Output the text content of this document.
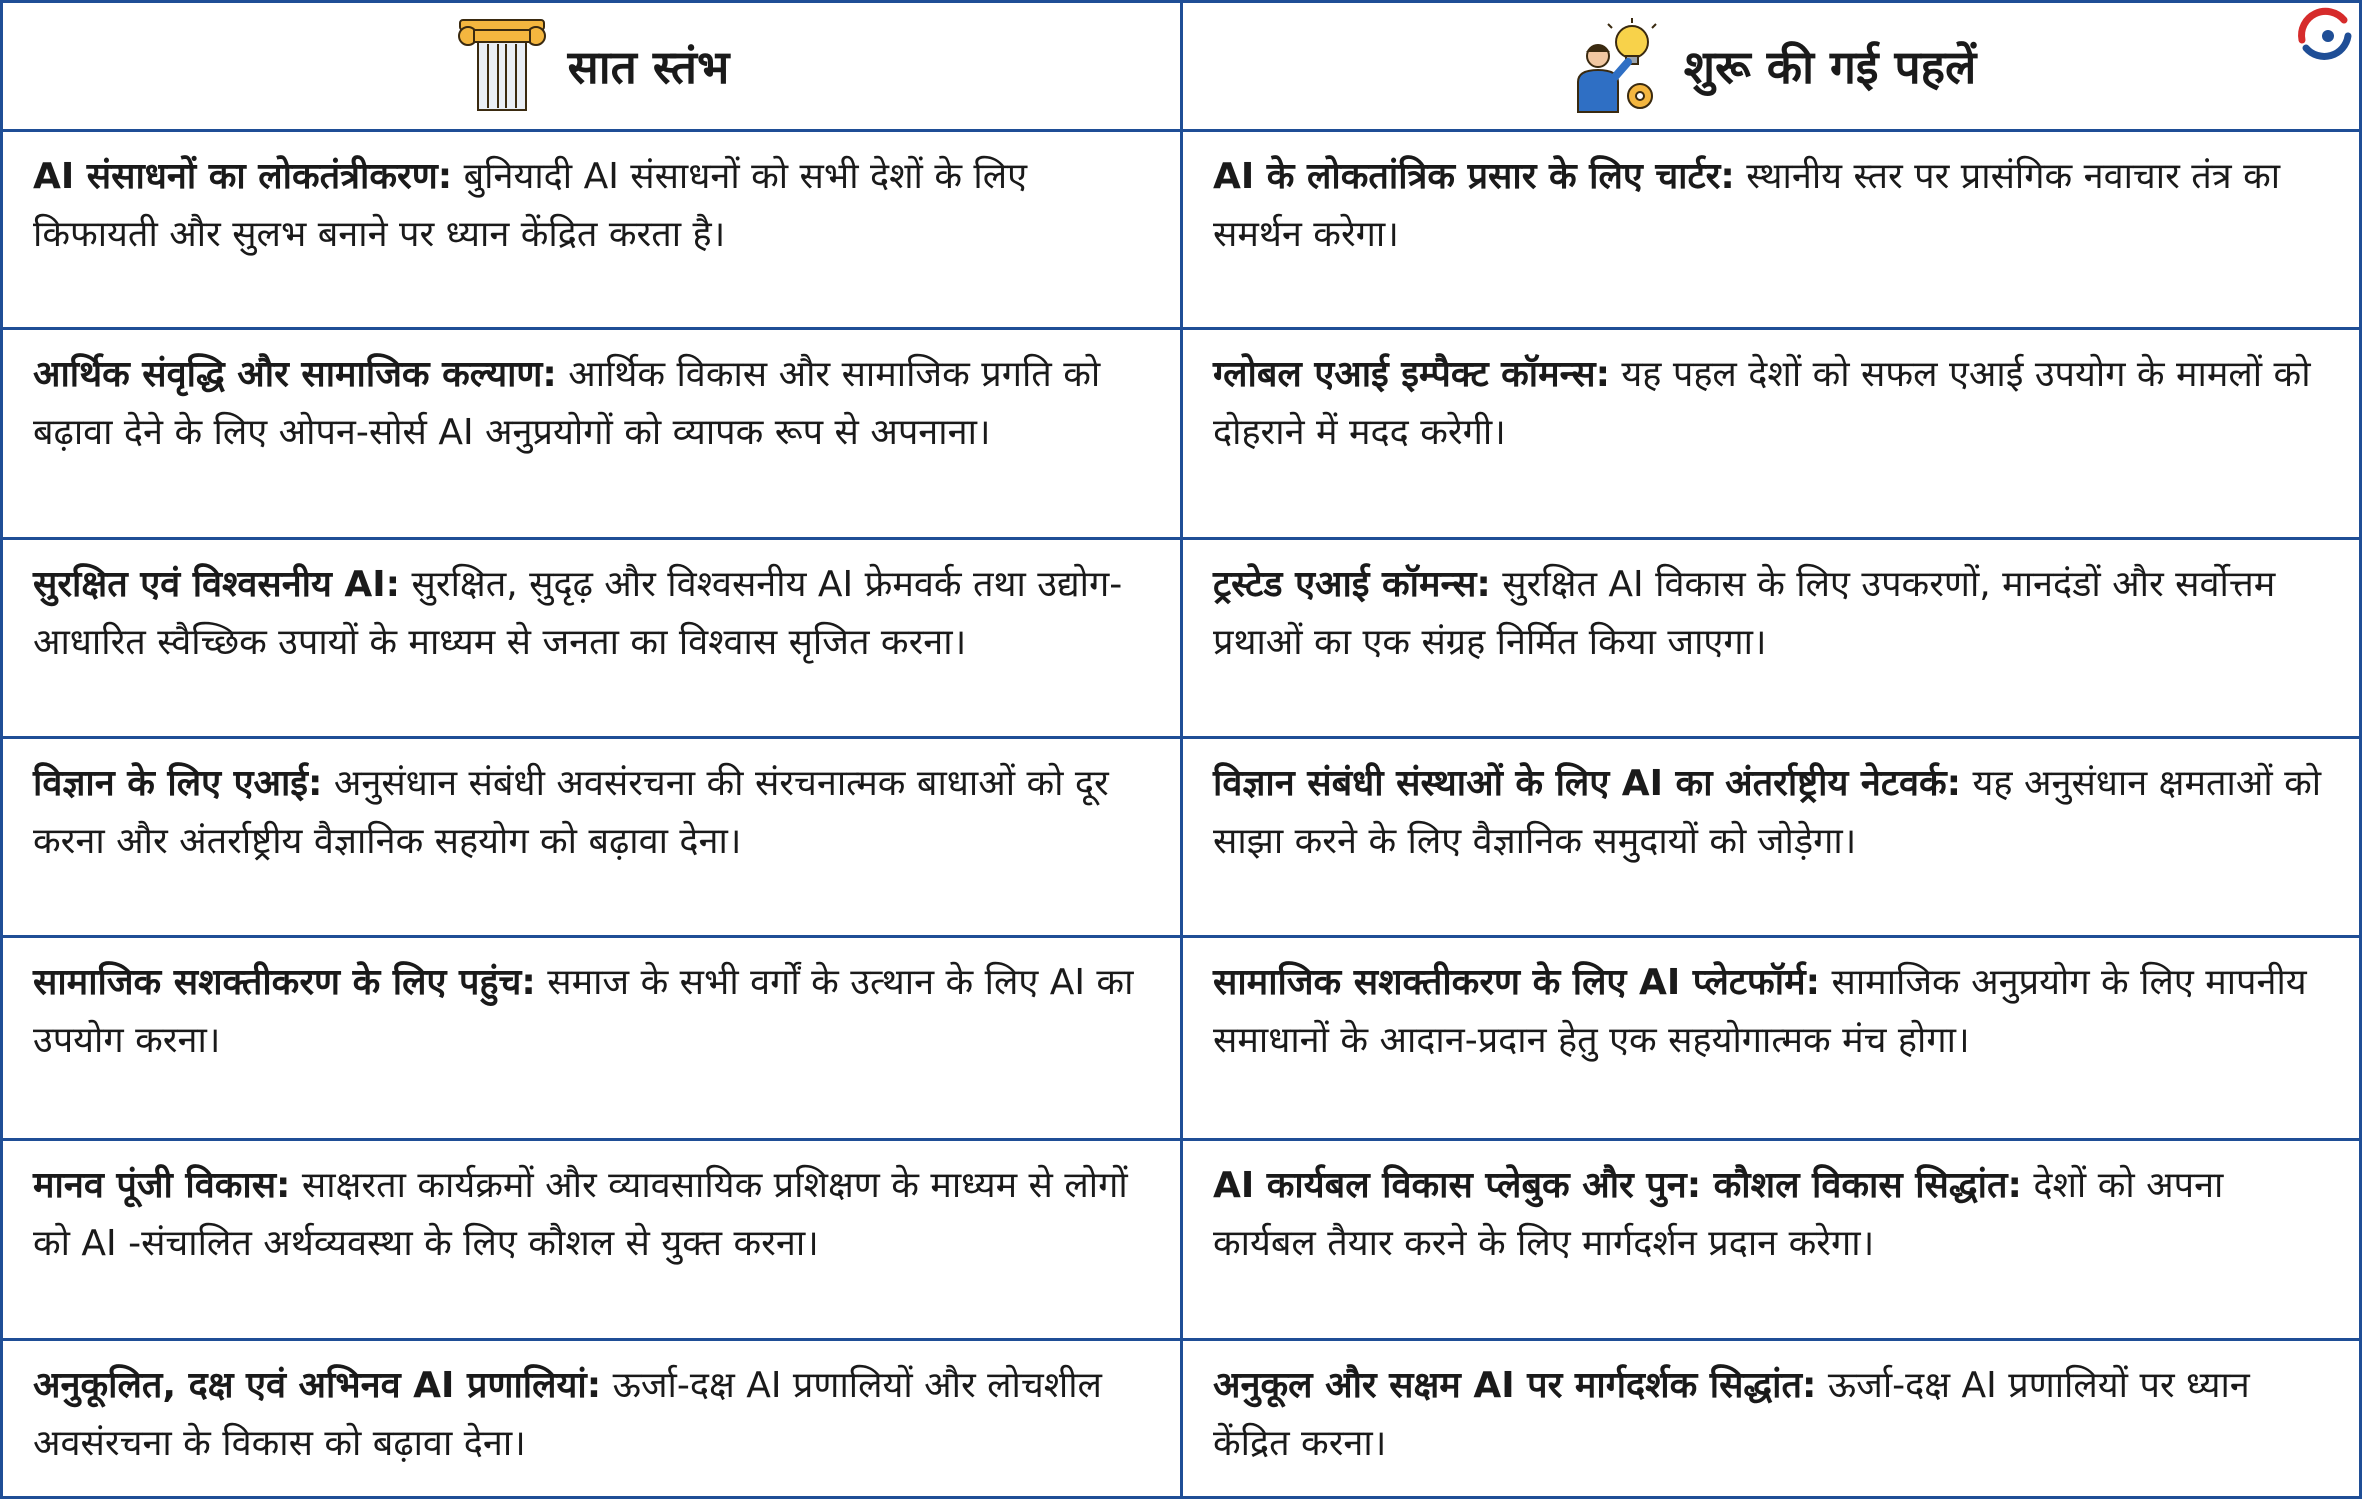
सात स्तंभ	शुरू की गई पहलें

AI संसाधनों का लोकतंत्रीकरण: बुनियादी AI संसाधनों को सभी देशों के लिए किफायती और सुलभ बनाने पर ध्यान केंद्रित करता है।	AI के लोकतांत्रिक प्रसार के लिए चार्टर: स्थानीय स्तर पर प्रासंगिक नवाचार तंत्र का समर्थन करेगा।

आर्थिक संवृद्धि और सामाजिक कल्याण: आर्थिक विकास और सामाजिक प्रगति को बढ़ावा देने के लिए ओपन-सोर्स AI अनुप्रयोगों को व्यापक रूप से अपनाना।	ग्लोबल एआई इम्पैक्ट कॉमन्स: यह पहल देशों को सफल एआई उपयोग के मामलों को दोहराने में मदद करेगी।

सुरक्षित एवं विश्वसनीय AI: सुरक्षित, सुदृढ़ और विश्वसनीय AI फ्रेमवर्क तथा उद्योग-आधारित स्वैच्छिक उपायों के माध्यम से जनता का विश्वास सृजित करना।	ट्रस्टेड एआई कॉमन्स: सुरक्षित AI विकास के लिए उपकरणों, मानदंडों और सर्वोत्तम प्रथाओं का एक संग्रह निर्मित किया जाएगा।

विज्ञान के लिए एआई: अनुसंधान संबंधी अवसंरचना की संरचनात्मक बाधाओं को दूर करना और अंतर्राष्ट्रीय वैज्ञानिक सहयोग को बढ़ावा देना।	विज्ञान संबंधी संस्थाओं के लिए AI का अंतर्राष्ट्रीय नेटवर्क: यह अनुसंधान क्षमताओं को साझा करने के लिए वैज्ञानिक समुदायों को जोड़ेगा।

सामाजिक सशक्तीकरण के लिए पहुंच: समाज के सभी वर्गों के उत्थान के लिए AI का उपयोग करना।	सामाजिक सशक्तीकरण के लिए AI प्लेटफॉर्म: सामाजिक अनुप्रयोग के लिए मापनीय समाधानों के आदान-प्रदान हेतु एक सहयोगात्मक मंच होगा।

मानव पूंजी विकास: साक्षरता कार्यक्रमों और व्यावसायिक प्रशिक्षण के माध्यम से लोगों को AI -संचालित अर्थव्यवस्था के लिए कौशल से युक्त करना।	AI कार्यबल विकास प्लेबुक और पुन: कौशल विकास सिद्धांत: देशों को अपना कार्यबल तैयार करने के लिए मार्गदर्शन प्रदान करेगा।

अनुकूलित, दक्ष एवं अभिनव AI प्रणालियां: ऊर्जा-दक्ष AI प्रणालियों और लोचशील अवसंरचना के विकास को बढ़ावा देना।	अनुकूल और सक्षम AI पर मार्गदर्शक सिद्धांत: ऊर्जा-दक्ष AI प्रणालियों पर ध्यान केंद्रित करना।
